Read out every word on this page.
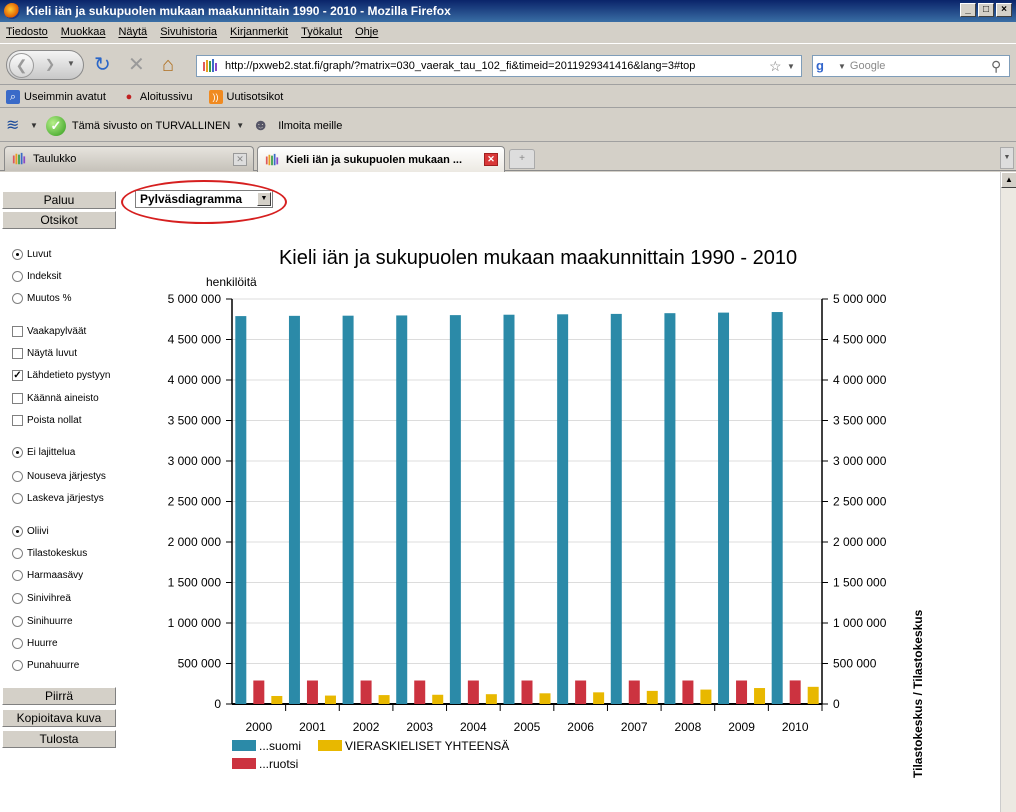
Kieli iän ja sukupuolen mukaan maakunnittain 1990 - 2010 - Mozilla Firefox	_	□	×
Tiedosto Muokkaa Näytä Sivuhistoria Kirjanmerkit Työkalut Ohje
❮	❯ ▼ ↻ ✕ ⌂	http://pxweb2.stat.fi/graph/?matrix=030_vaerak_tau_102_fi&timeid=2011929341416&lang=3#top	☆ ▼	g	▼ Google	⚲
⌕ Useimmin avatut	● Aloitussivu	)) Uutisotsikot
≋	▼ ✓ Tämä sivusto on TURVALLINEN ▼ ☻ Ilmoita meille
Taulukko	✕	Kieli iän ja sukupuolen mukaan ...	✕	+	▼
Kieli iän ja sukupuolen mukaan maakunnittain 1990 - 2010
henkilöitä
0	0
500 000	500 000
1 000 000	1 000 000
1 500 000	1 500 000
2 000 000	2 000 000
2 500 000	2 500 000
3 000 000	3 000 000
3 500 000	3 500 000
4 000 000	4 000 000
4 500 000	4 500 000
5 000 000	5 000 000
2000 2001 2002 2003 2004 2005 2006 2007 2008 2009 2010
...suomi	VIERASKIELISET YHTEENSÄ
...ruotsi	Tilastokeskus / Tilastokeskus
▲
Paluu
Otsikot
Luvut
Indeksit
Muutos %
Vaakapylväät
Näytä luvut
✓ Lähdetieto pystyyn
Käännä aineisto
Poista nollat
Ei lajittelua
Nouseva järjestys
Laskeva järjestys
Oliivi
Tilastokeskus
Harmaasävy
Sinivihreä
Sinihuurre
Huurre
Punahuurre
Piirrä
Kopioitava kuva
Tulosta
Pylväsdiagramma	▼
